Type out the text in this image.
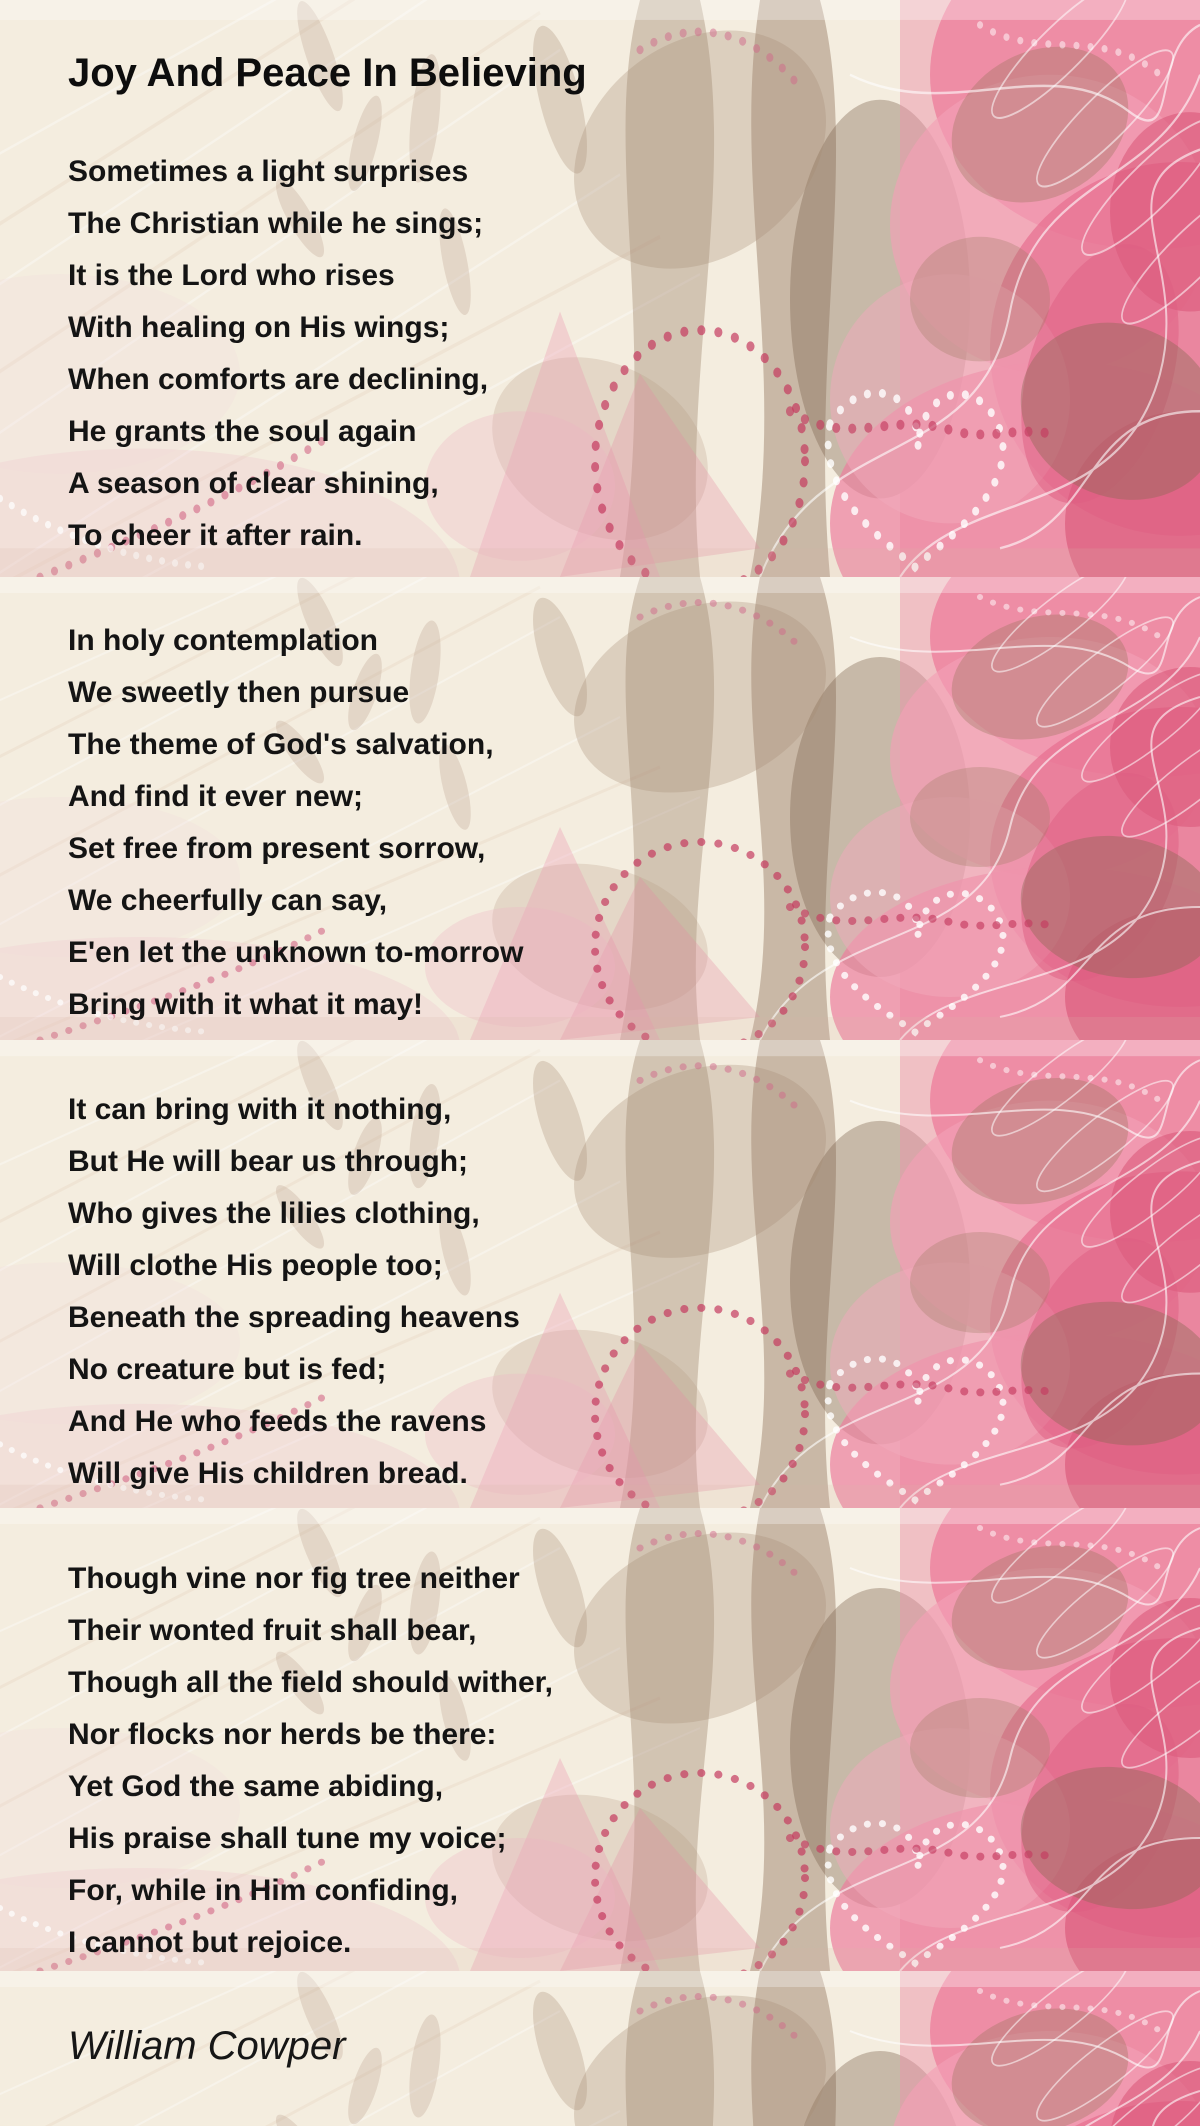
Joy And Peace In Believing
Sometimes a light surprises
The Christian while he sings;
It is the Lord who rises
With healing on His wings;
When comforts are declining,
He grants the soul again
A season of clear shining,
To cheer it after rain.
In holy contemplation
We sweetly then pursue
The theme of God's salvation,
And find it ever new;
Set free from present sorrow,
We cheerfully can say,
E'en let the unknown to-morrow
Bring with it what it may!
It can bring with it nothing,
But He will bear us through;
Who gives the lilies clothing,
Will clothe His people too;
Beneath the spreading heavens
No creature but is fed;
And He who feeds the ravens
Will give His children bread.
Though vine nor fig tree neither
Their wonted fruit shall bear,
Though all the field should wither,
Nor flocks nor herds be there:
Yet God the same abiding,
His praise shall tune my voice;
For, while in Him confiding,
I cannot but rejoice.
William Cowper
